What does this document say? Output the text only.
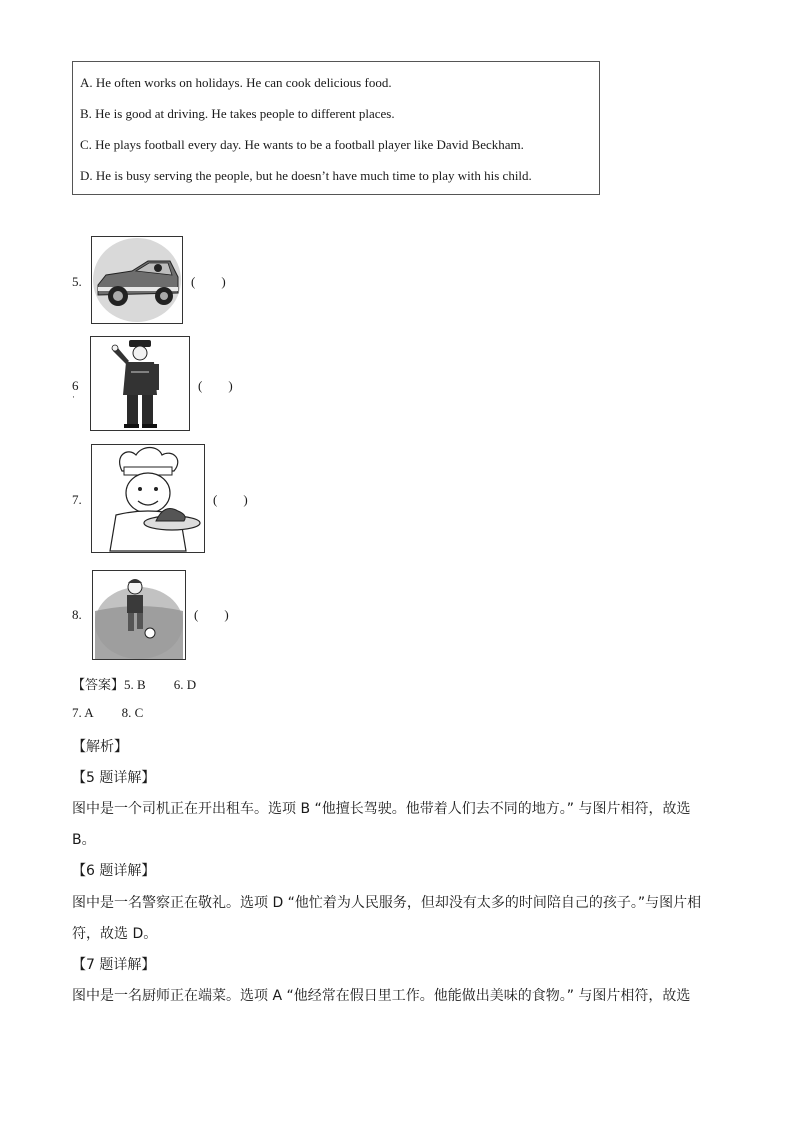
A. He often works on holidays. He can cook delicious food.
B. He is good at driving. He takes people to different places.
C. He plays football every day. He wants to be a football player like David Beckham.
D. He is busy serving the people, but he doesn’t have much time to play with his child.
5.	(        )
6
·
(        )
7.	(        )
8.	(        )
【答案】5. B 6. D
7. A 8. C
【解析】
【5 题详解】
图中是一个司机正在开出租车。选项 B “他擅长驾驶。他带着人们去不同的地方。” 与图片相符，故选
B。
【6 题详解】
图中是一名警察正在敬礼。选项 D “他忙着为人民服务，但却没有太多的时间陪自己的孩子。”与图片相
符，故选 D。
【7 题详解】
图中是一名厨师正在端菜。选项 A “他经常在假日里工作。他能做出美味的食物。” 与图片相符，故选
